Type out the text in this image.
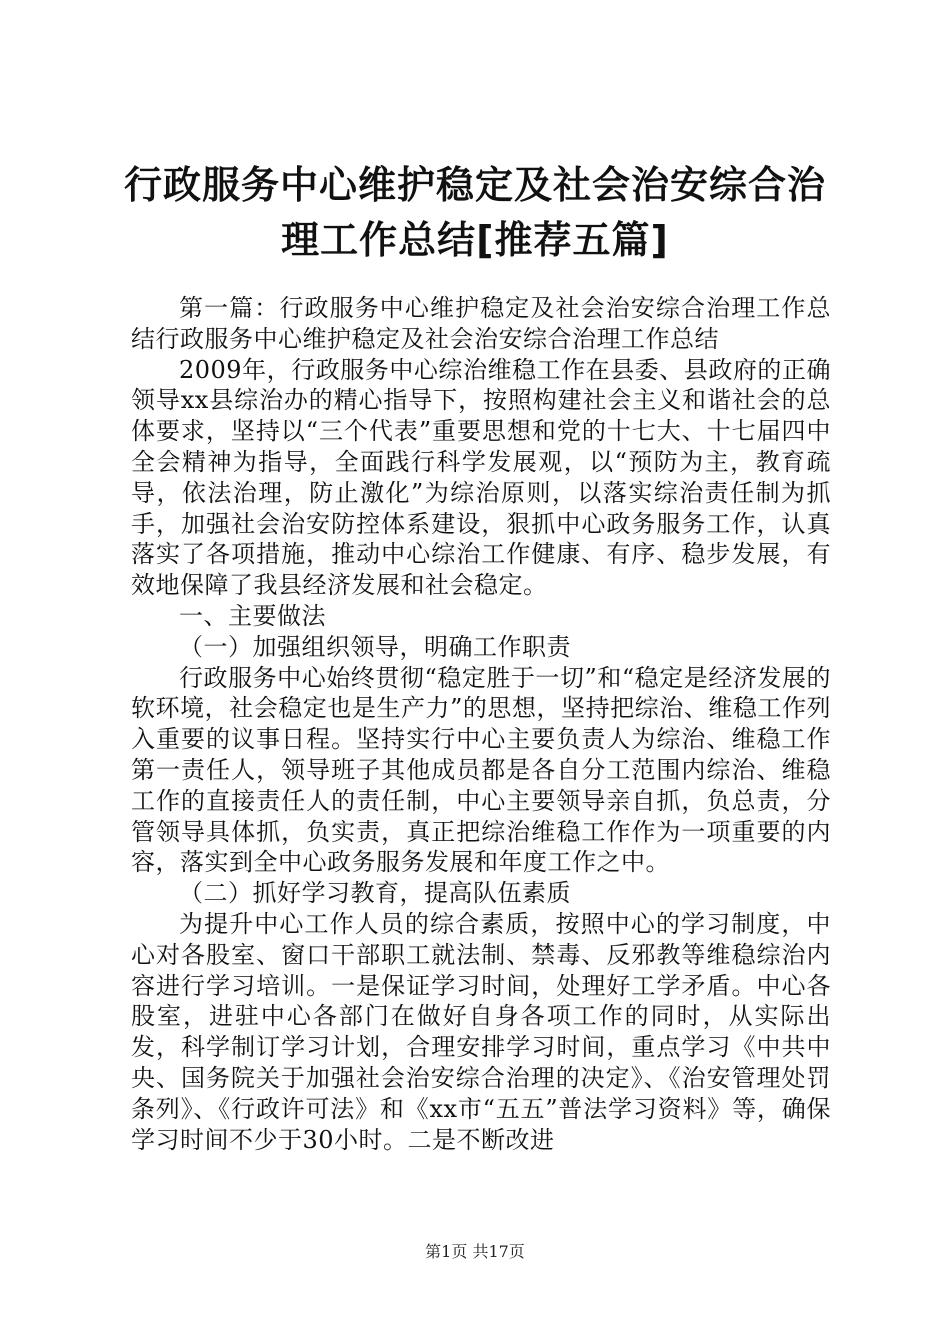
行政服务中心维护稳定及社会治安综合治理工作总结[推荐五篇]

第一篇：行政服务中心维护稳定及社会治安综合治理工作总结行政服务中心维护稳定及社会治安综合治理工作总结

2009年，行政服务中心综治维稳工作在县委、县政府的正确领导xx县综治办的精心指导下，按照构建社会主义和谐社会的总体要求，坚持以“三个代表”重要思想和党的十七大、十七届四中全会精神为指导，全面践行科学发展观，以“预防为主，教育疏导，依法治理，防止激化”为综治原则，以落实综治责任制为抓手，加强社会治安防控体系建设，狠抓中心政务服务工作，认真落实了各项措施，推动中心综治工作健康、有序、稳步发展，有效地保障了我县经济发展和社会稳定。

一、主要做法

（一）加强组织领导，明确工作职责

行政服务中心始终贯彻“稳定胜于一切”和“稳定是经济发展的软环境，社会稳定也是生产力”的思想，坚持把综治、维稳工作列入重要的议事日程。坚持实行中心主要负责人为综治、维稳工作第一责任人，领导班子其他成员都是各自分工范围内综治、维稳工作的直接责任人的责任制，中心主要领导亲自抓，负总责，分管领导具体抓，负实责，真正把综治维稳工作作为一项重要的内容，落实到全中心政务服务发展和年度工作之中。

（二）抓好学习教育，提高队伍素质

为提升中心工作人员的综合素质，按照中心的学习制度，中心对各股室、窗口干部职工就法制、禁毒、反邪教等维稳综治内容进行学习培训。一是保证学习时间，处理好工学矛盾。中心各股室，进驻中心各部门在做好自身各项工作的同时，从实际出发，科学制订学习计划，合理安排学习时间，重点学习《中共中央、国务院关于加强社会治安综合治理的决定》、《治安管理处罚条列》、《行政许可法》和《xx市“五五”普法学习资料》等，确保学习时间不少于30小时。二是不断改进

第1页 共17页
